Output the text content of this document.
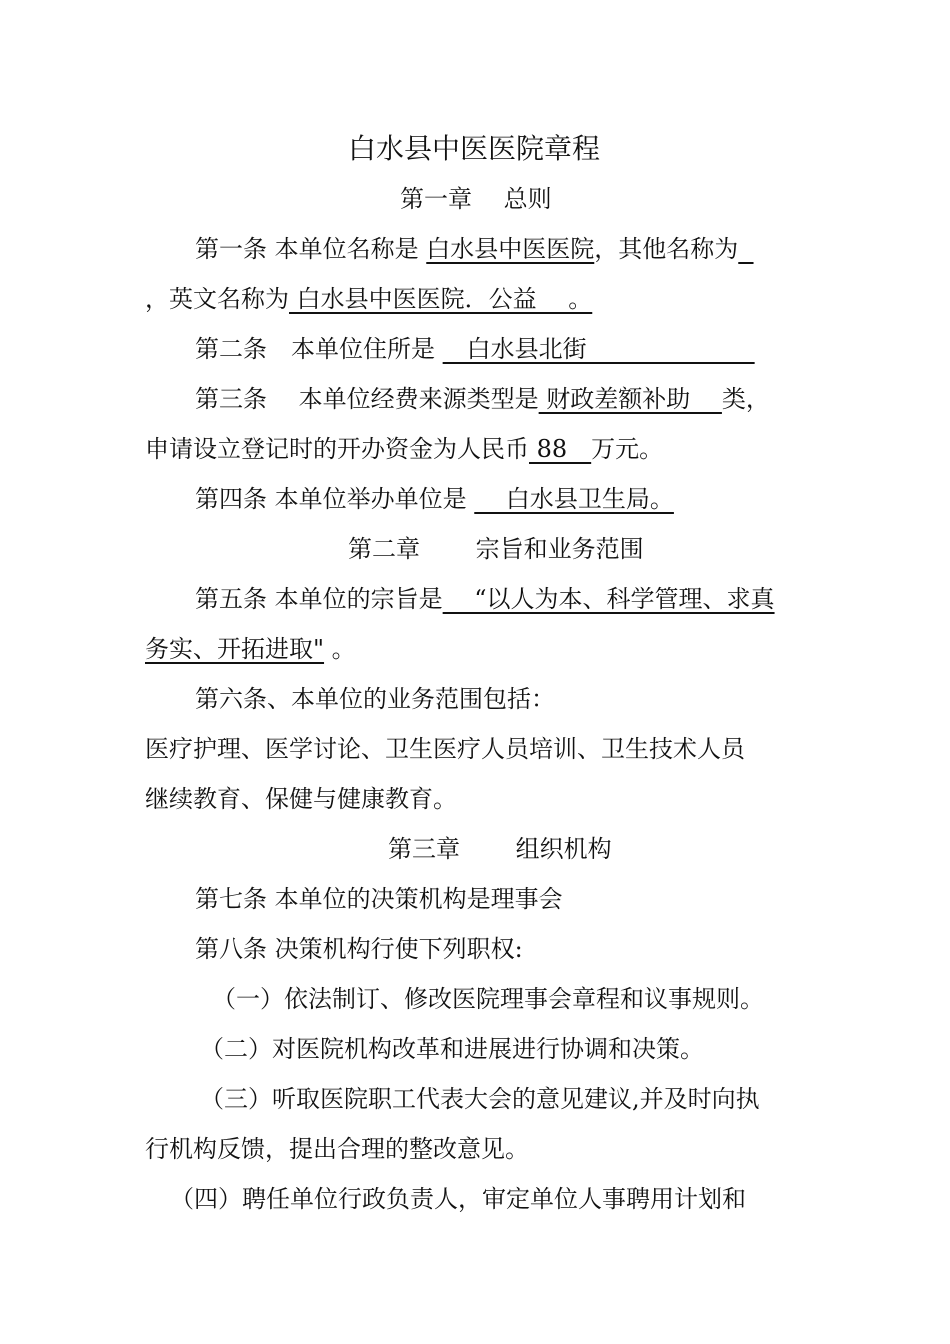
白水县中医医院章程
第一章　 总则
第一条 本单位名称是 白水县中医医院，其他名称为
，英文名称为 白水县中医医院．公益　 。
第二条　本单位住所是 　白水县北街　　　　　　　
第三条　 本单位经费来源类型是 财政差额补助　 类，
申请设立登记时的开办资金为人民币 88　万元。
第四条 本单位举办单位是 　 白水县卫生局。
第二章　　 宗旨和业务范围
第五条 本单位的宗旨是　 “以人为本、科学管理、求真
务实、开拓进取" 。
第六条、本单位的业务范围包括：
医疗护理、医学讨论、卫生医疗人员培训、卫生技术人员
继续教育、保健与健康教育。
第三章　　 组织机构
第七条 本单位的决策机构是理事会
第八条 决策机构行使下列职权:
（一）依法制订、修改医院理事会章程和议事规则。
（二）对医院机构改革和进展进行协调和决策。
（三）听取医院职工代表大会的意见建议,并及时向执
行机构反馈，提出合理的整改意见。
（四）聘任单位行政负责人，审定单位人事聘用计划和
